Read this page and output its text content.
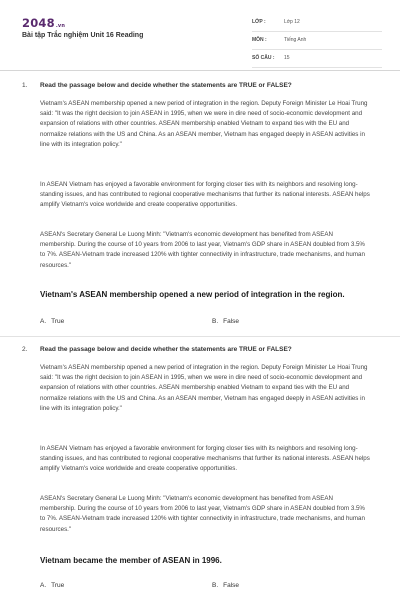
2048.vn
Bài tập Trắc nghiệm Unit 16 Reading
LỚP :	Lớp 12
MÔN :	Tiếng Anh
SỐ CÂU : 15
1. Read the passage below and decide whether the statements are TRUE or FALSE?

Vietnam's ASEAN membership opened a new period of integration in the region. Deputy Foreign Minister Le Hoai Trung said: "It was the right decision to join ASEAN in 1995, when we were in dire need of socio-economic development and expansion of relations with other countries. ASEAN membership enabled Vietnam to expand ties with the EU and normalize relations with the US and China. As an ASEAN member, Vietnam has engaged deeply in ASEAN activities in line with its integration policy."

In ASEAN Vietnam has enjoyed a favorable environment for forging closer ties with its neighbors and resolving long-standing issues, and has contributed to regional cooperative mechanisms that further its national interests. ASEAN helps amplify Vietnam's voice worldwide and create cooperative opportunities.

ASEAN's Secretary General Le Luong Minh: "Vietnam's economic development has benefited from ASEAN membership. During the course of 10 years from 2006 to last year, Vietnam's GDP share in ASEAN doubled from 3.5% to 7%. ASEAN-Vietnam trade increased 120% with tighter connectivity in infrastructure, trade mechanisms, and human resources."

Vietnam's ASEAN membership opened a new period of integration in the region.
A. True	B. False
2. Read the passage below and decide whether the statements are TRUE or FALSE?

Vietnam's ASEAN membership opened a new period of integration in the region. Deputy Foreign Minister Le Hoai Trung said: "It was the right decision to join ASEAN in 1995, when we were in dire need of socio-economic development and expansion of relations with other countries. ASEAN membership enabled Vietnam to expand ties with the EU and normalize relations with the US and China. As an ASEAN member, Vietnam has engaged deeply in ASEAN activities in line with its integration policy."

In ASEAN Vietnam has enjoyed a favorable environment for forging closer ties with its neighbors and resolving long-standing issues, and has contributed to regional cooperative mechanisms that further its national interests. ASEAN helps amplify Vietnam's voice worldwide and create cooperative opportunities.

ASEAN's Secretary General Le Luong Minh: "Vietnam's economic development has benefited from ASEAN membership. During the course of 10 years from 2006 to last year, Vietnam's GDP share in ASEAN doubled from 3.5% to 7%. ASEAN-Vietnam trade increased 120% with tighter connectivity in infrastructure, trade mechanisms, and human resources."

Vietnam became the member of ASEAN in 1996.
A. True	B. False
